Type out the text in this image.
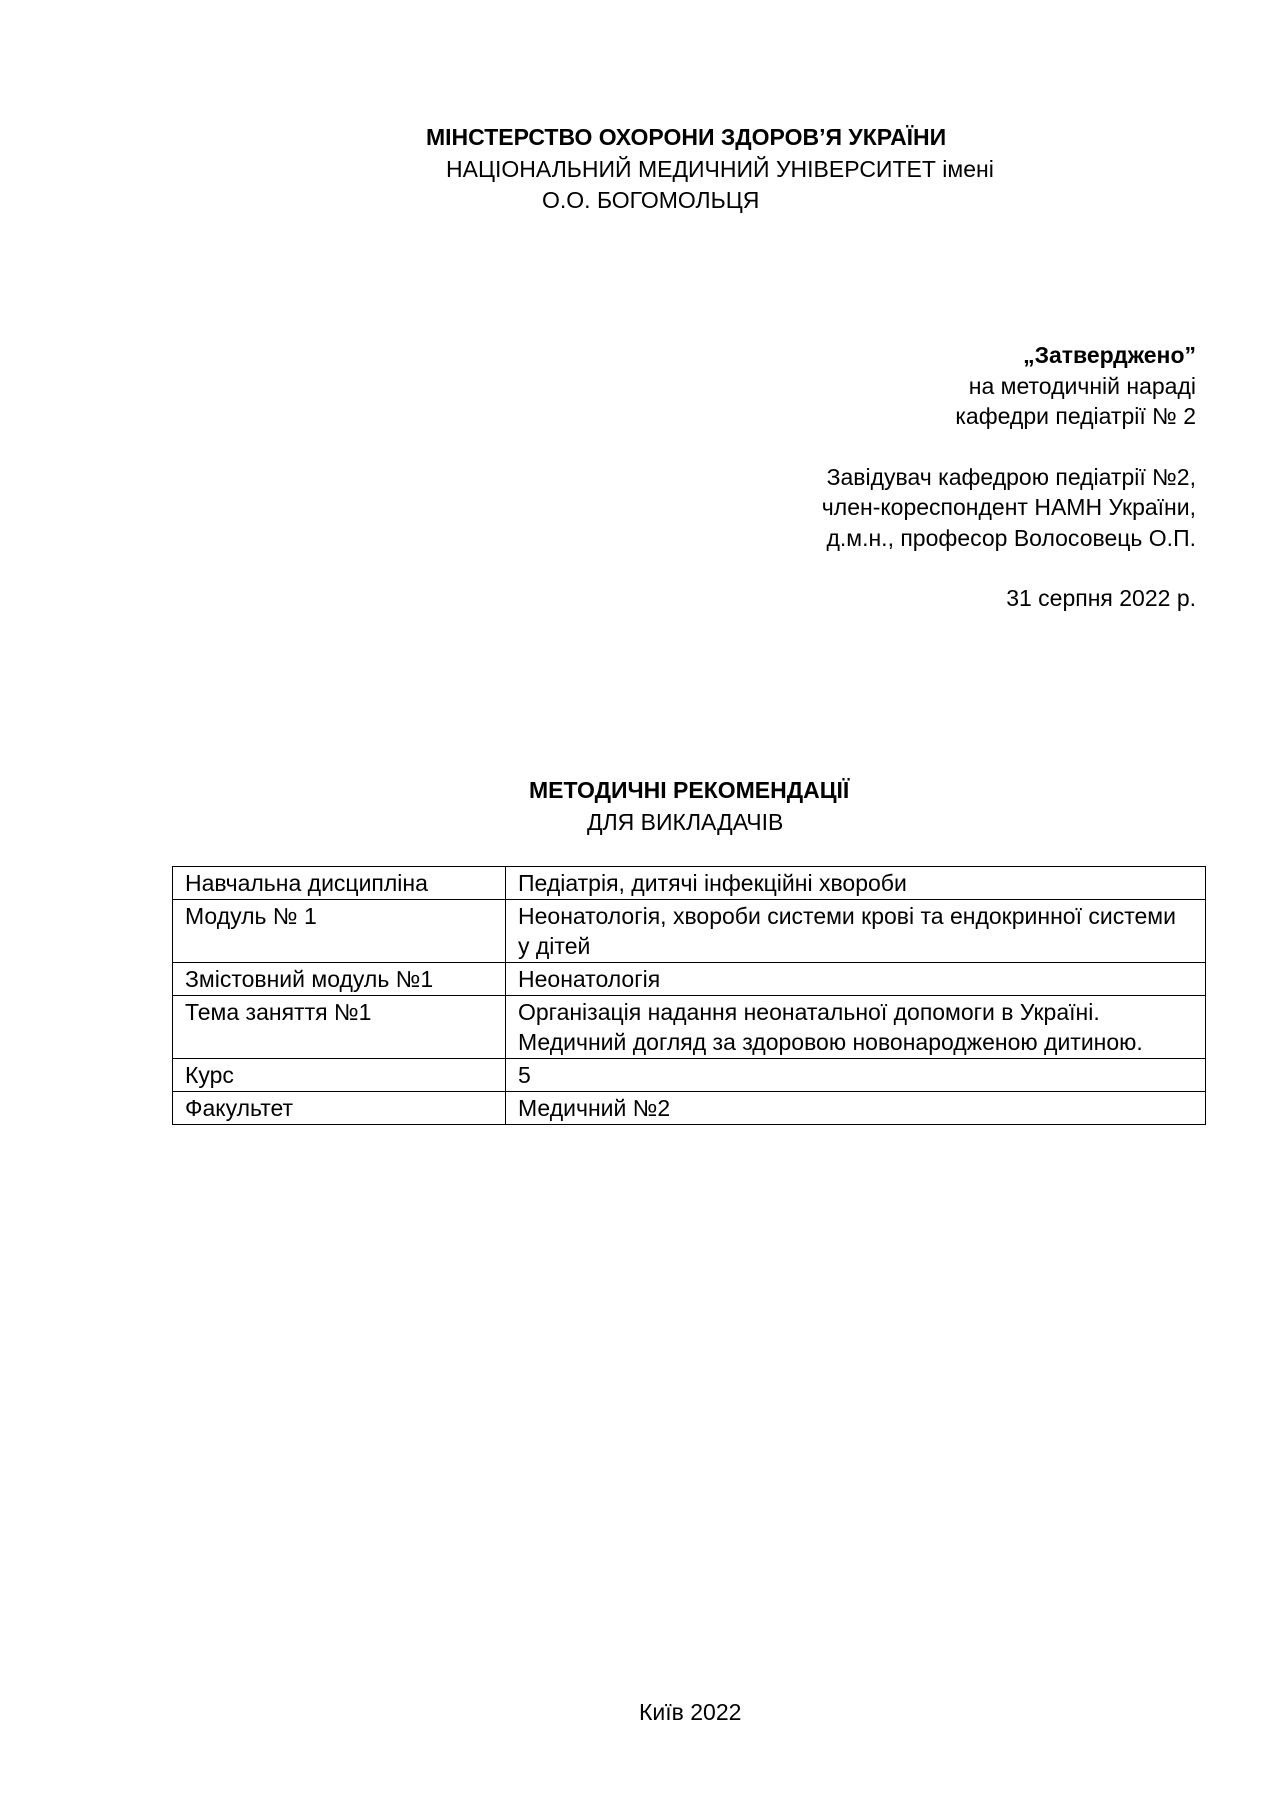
МІНСТЕРСТВО ОХОРОНИ ЗДОРОВ’Я УКРАЇНИ
НАЦІОНАЛЬНИЙ МЕДИЧНИЙ УНІВЕРСИТЕТ імені
О.О. БОГОМОЛЬЦЯ
„Затверджено”
на методичній нараді
кафедри педіатрії № 2
Завідувач кафедрою педіатрії №2,
член-кореспондент НАМН України,
д.м.н., професор Волосовець О.П.
31 серпня 2022 р.
МЕТОДИЧНІ РЕКОМЕНДАЦІЇ
ДЛЯ ВИКЛАДАЧІВ
Навчальна дисципліна	Педіатрія, дитячі інфекційні хвороби
Модуль № 1	Неонатологія, хвороби системи крові та ендокринної системи у дітей
Змістовний модуль №1	Неонатологія
Тема заняття №1	Організація надання неонатальної допомоги в Україні. Медичний догляд за здоровою новонародженою дитиною.
Курс	5
Факультет	Медичний №2
Київ 2022
